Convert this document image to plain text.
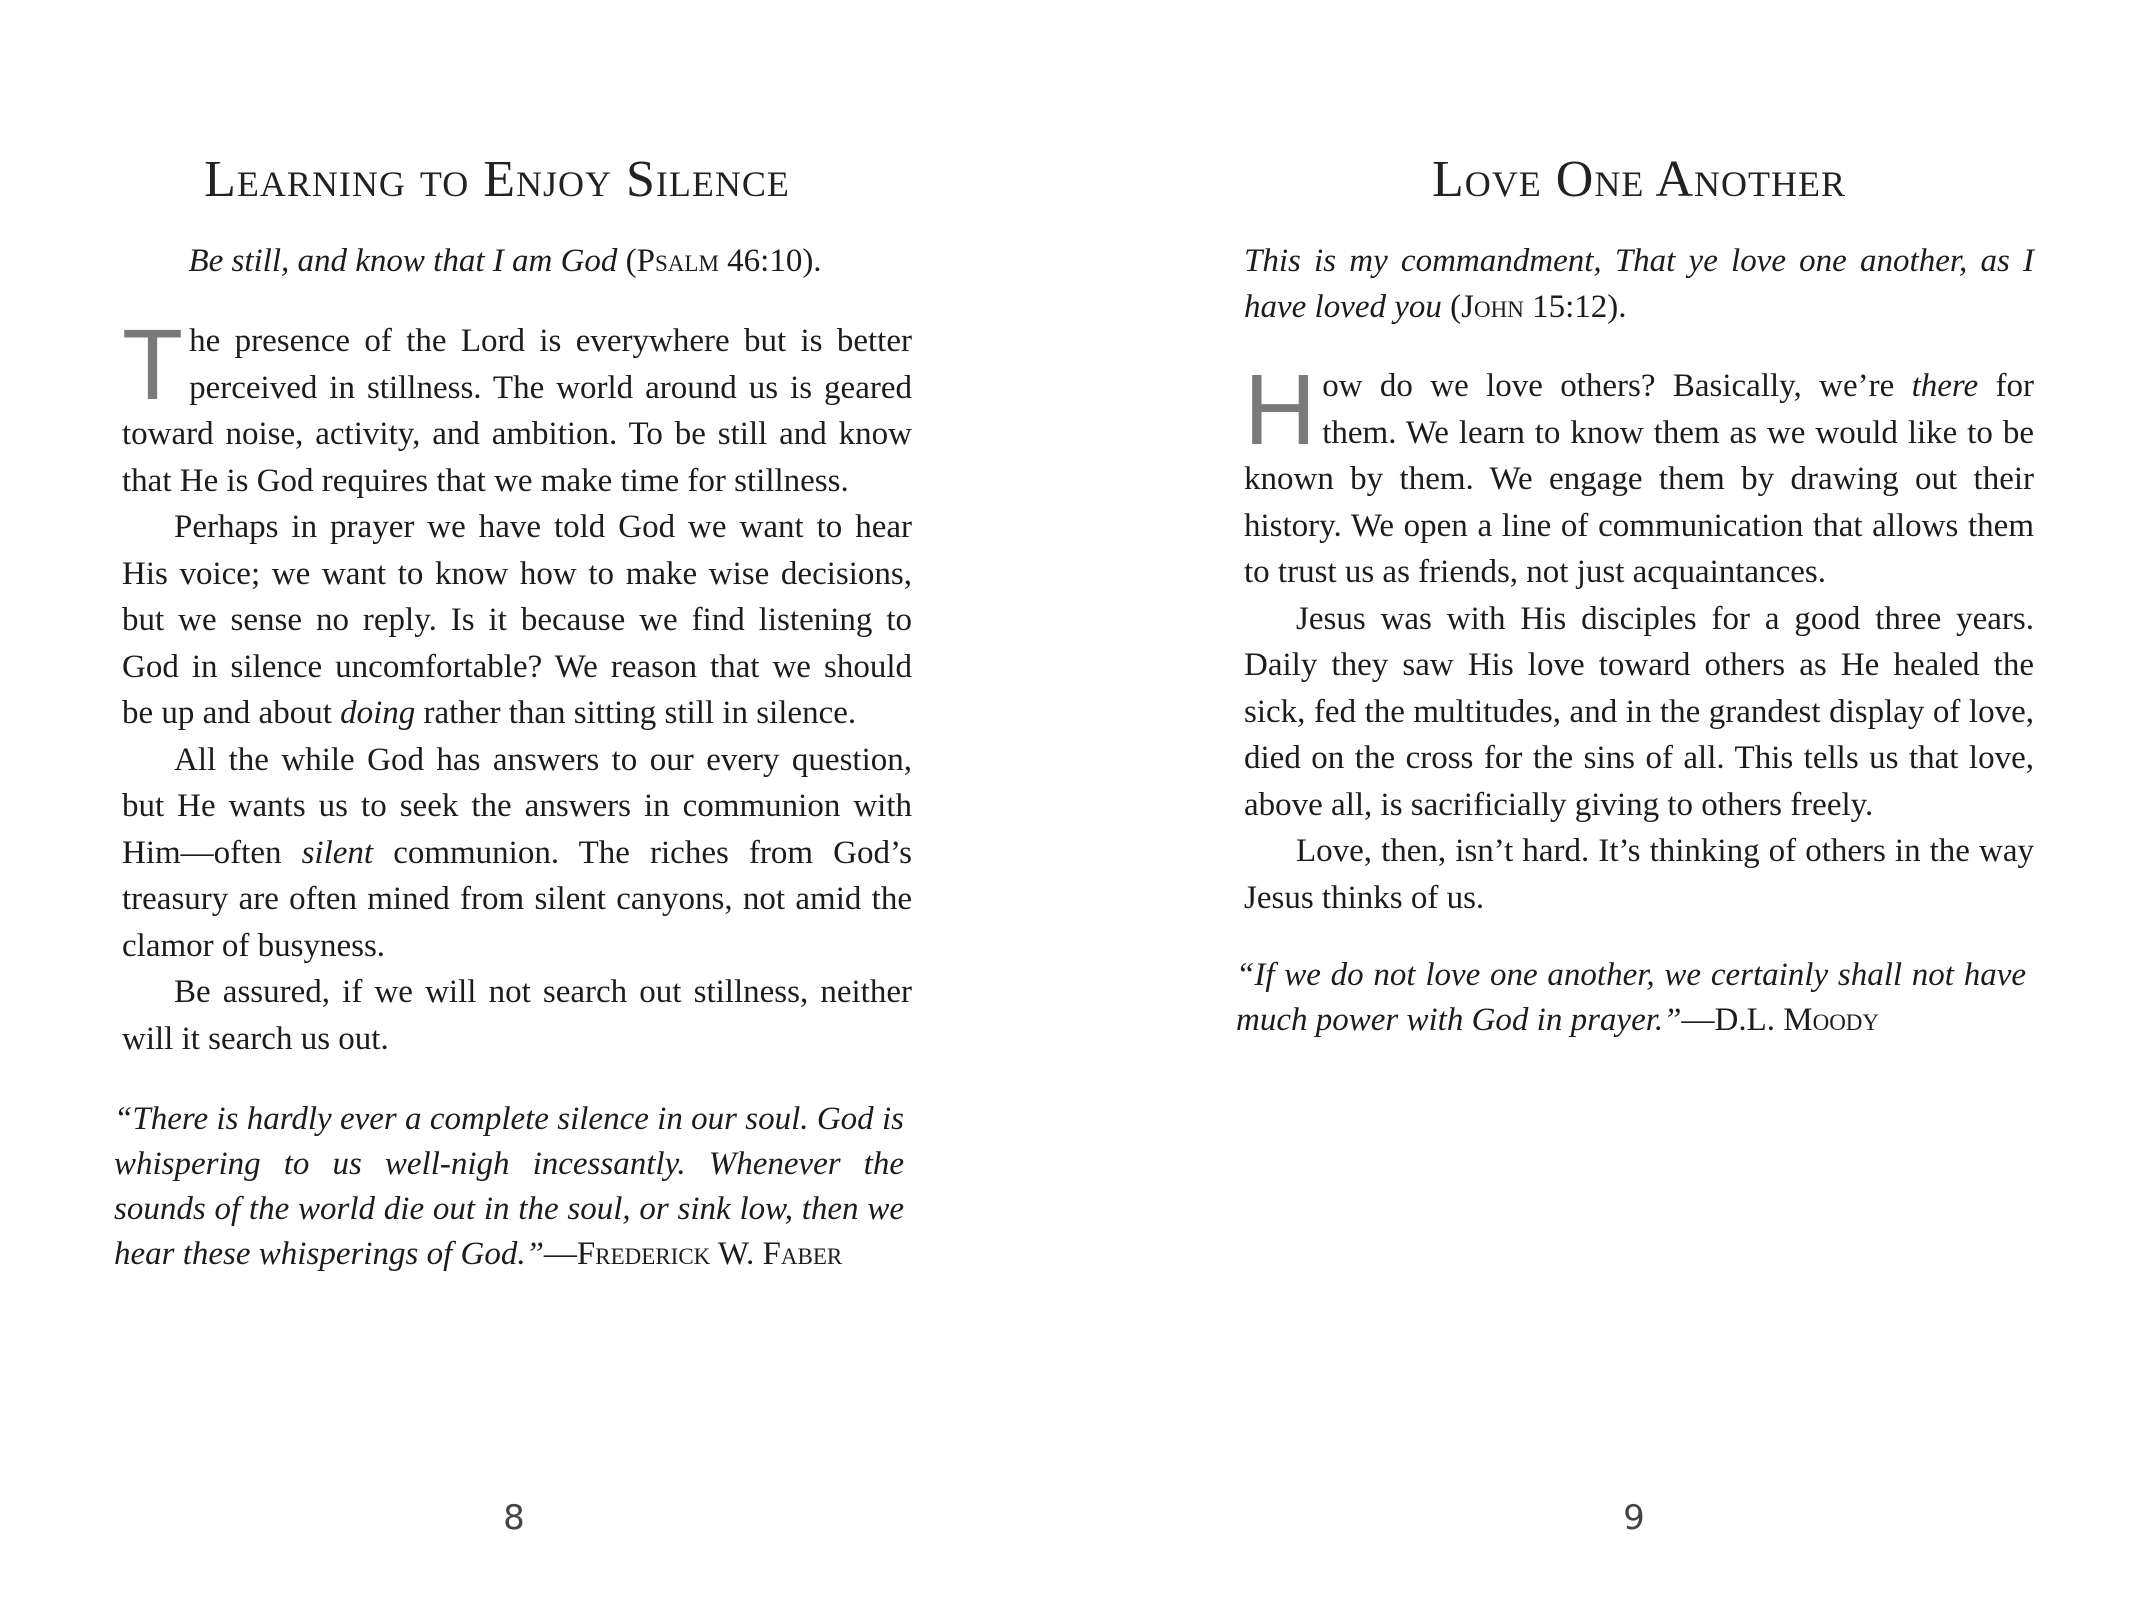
Learning to Enjoy Silence

Be still, and know that I am God (Psalm 46:10).

The presence of the Lord is everywhere but is better perceived in stillness. The world around us is geared toward noise, activity, and ambition. To be still and know that He is God requires that we make time for stillness.

Perhaps in prayer we have told God we want to hear His voice; we want to know how to make wise decisions, but we sense no reply. Is it because we find listening to God in silence uncomfortable? We reason that we should be up and about doing rather than sitting still in silence.

All the while God has answers to our every question, but He wants us to seek the answers in communion with Him—often silent communion. The riches from God’s treasury are often mined from silent canyons, not amid the clamor of busyness.

Be assured, if we will not search out stillness, neither will it search us out.

“There is hardly ever a complete silence in our soul. God is whispering to us well-nigh incessantly. Whenever the sounds of the world die out in the soul, or sink low, then we hear these whisperings of God.”—Frederick W. Faber

8
Love One Another

This is my commandment, That ye love one another, as I have loved you (John 15:12).

How do we love others? Basically, we’re there for them. We learn to know them as we would like to be known by them. We engage them by drawing out their history. We open a line of communication that allows them to trust us as friends, not just acquaintances.

Jesus was with His disciples for a good three years. Daily they saw His love toward others as He healed the sick, fed the multitudes, and in the grandest display of love, died on the cross for the sins of all. This tells us that love, above all, is sacrificially giving to others freely.

Love, then, isn’t hard. It’s thinking of others in the way Jesus thinks of us.

“If we do not love one another, we certainly shall not have much power with God in prayer.”—D.L. Moody

9
